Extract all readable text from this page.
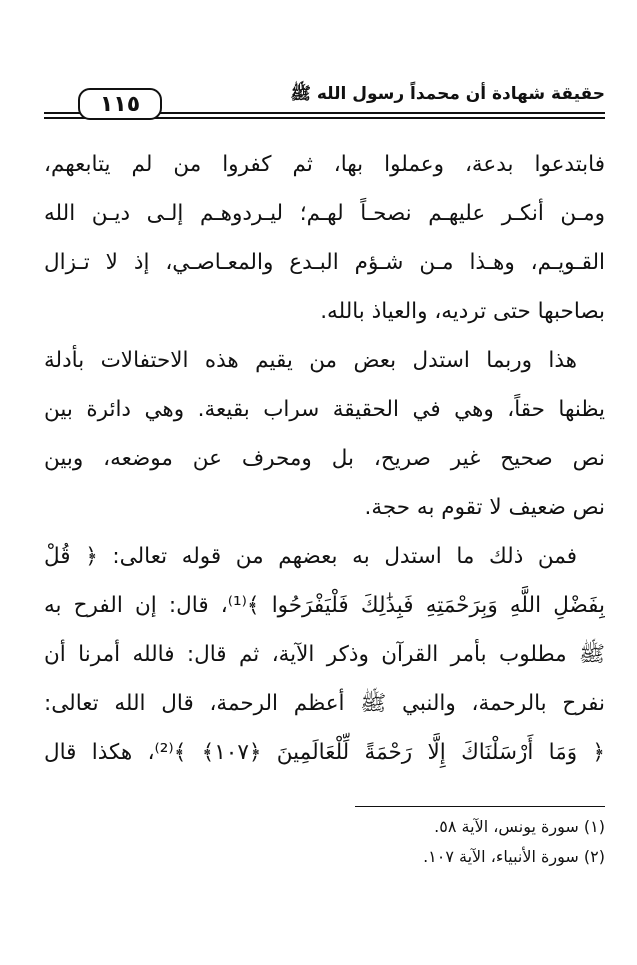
١١٥	حقيقة شهادة أن محمداً رسول الله ﷺ
فابتدعوا بدعة، وعملوا بها، ثم كفروا من لم يتابعهم،
ومـن أنكـر عليهـم نصحـاً لهـم؛ ليـردوهـم إلـى ديـن الله
القـويـم، وهـذا مـن شـؤم البـدع والمعـاصـي، إذ لا تـزال
بصاحبها حتى ترديه، والعياذ بالله.
هذا وربما استدل بعض من يقيم هذه الاحتفالات بأدلة
يظنها حقاً، وهي في الحقيقة سراب بقيعة. وهي دائرة بين
نص صحيح غير صريح، بل ومحرف عن موضعه، وبين
نص ضعيف لا تقوم به حجة.
فمن ذلك ما استدل به بعضهم من قوله تعالى: ﴿ قُلْ
بِفَضْلِ اللَّهِ وَبِرَحْمَتِهِ فَبِذَٰلِكَ فَلْيَفْرَحُوا ﴾⁽¹⁾، قال: إن الفرح به
ﷺ مطلوب بأمر القرآن وذكر الآية، ثم قال: فالله أمرنا أن
نفرح بالرحمة، والنبي ﷺ أعظم الرحمة، قال الله تعالى:
﴿ وَمَا أَرْسَلْنَاكَ إِلَّا رَحْمَةً لِّلْعَالَمِينَ ﴿١٠٧﴾ ﴾⁽²⁾، هكذا قال
(١) سورة يونس، الآية ٥٨.
(٢) سورة الأنبياء، الآية ١٠٧.
